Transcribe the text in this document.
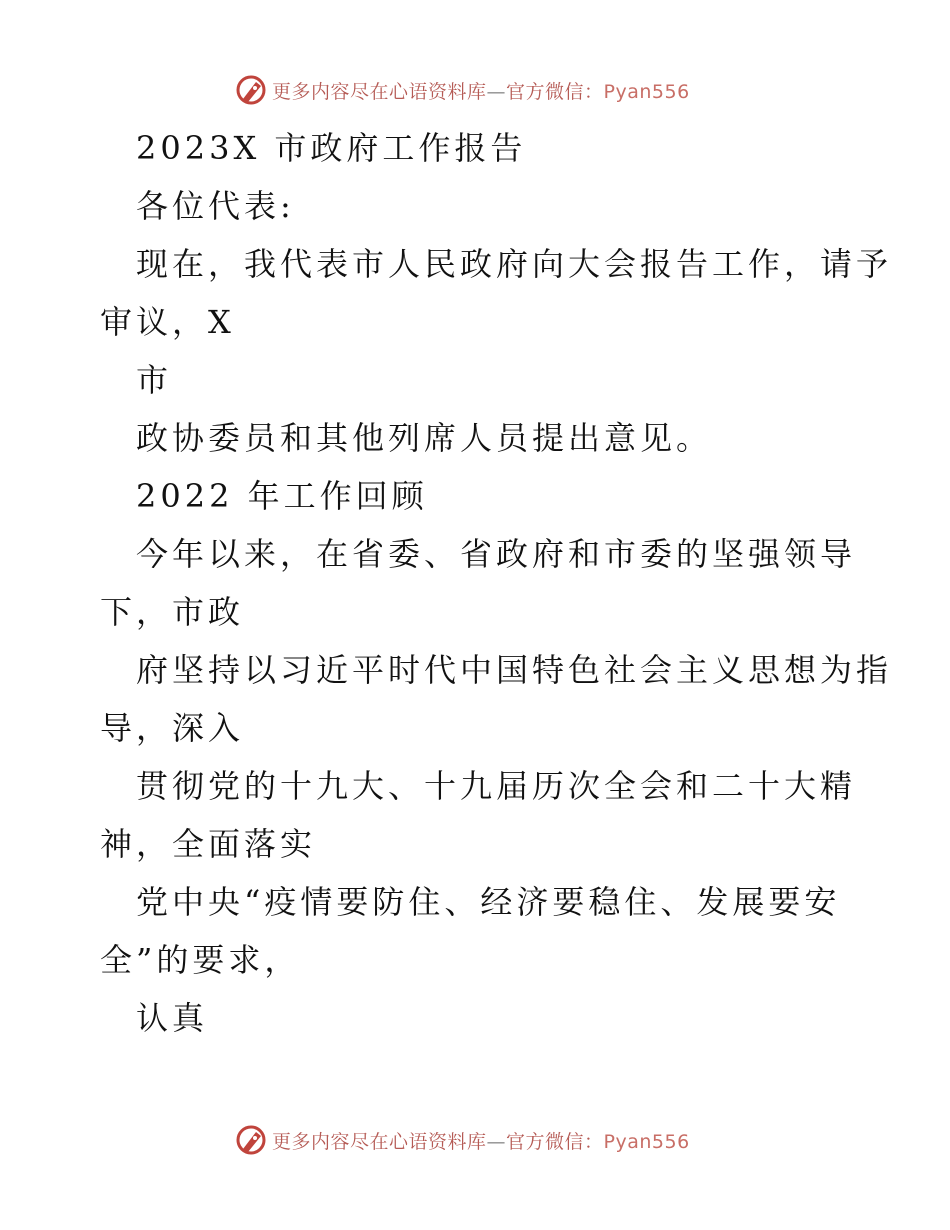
更多内容尽在心语资料库—官方微信：Pyan556
2023X 市政府工作报告
各位代表:
现在，我代表市人民政府向大会报告工作，请予
审议，X
市
政协委员和其他列席人员提出意见。
2022 年工作回顾
今年以来，在省委、省政府和市委的坚强领导
下，市政
府坚持以习近平时代中国特色社会主义思想为指
导，深入
贯彻党的十九大、十九届历次全会和二十大精
神，全面落实
党中央“疫情要防住、经济要稳住、发展要安
全”的要求，
认真
更多内容尽在心语资料库—官方微信：Pyan556
